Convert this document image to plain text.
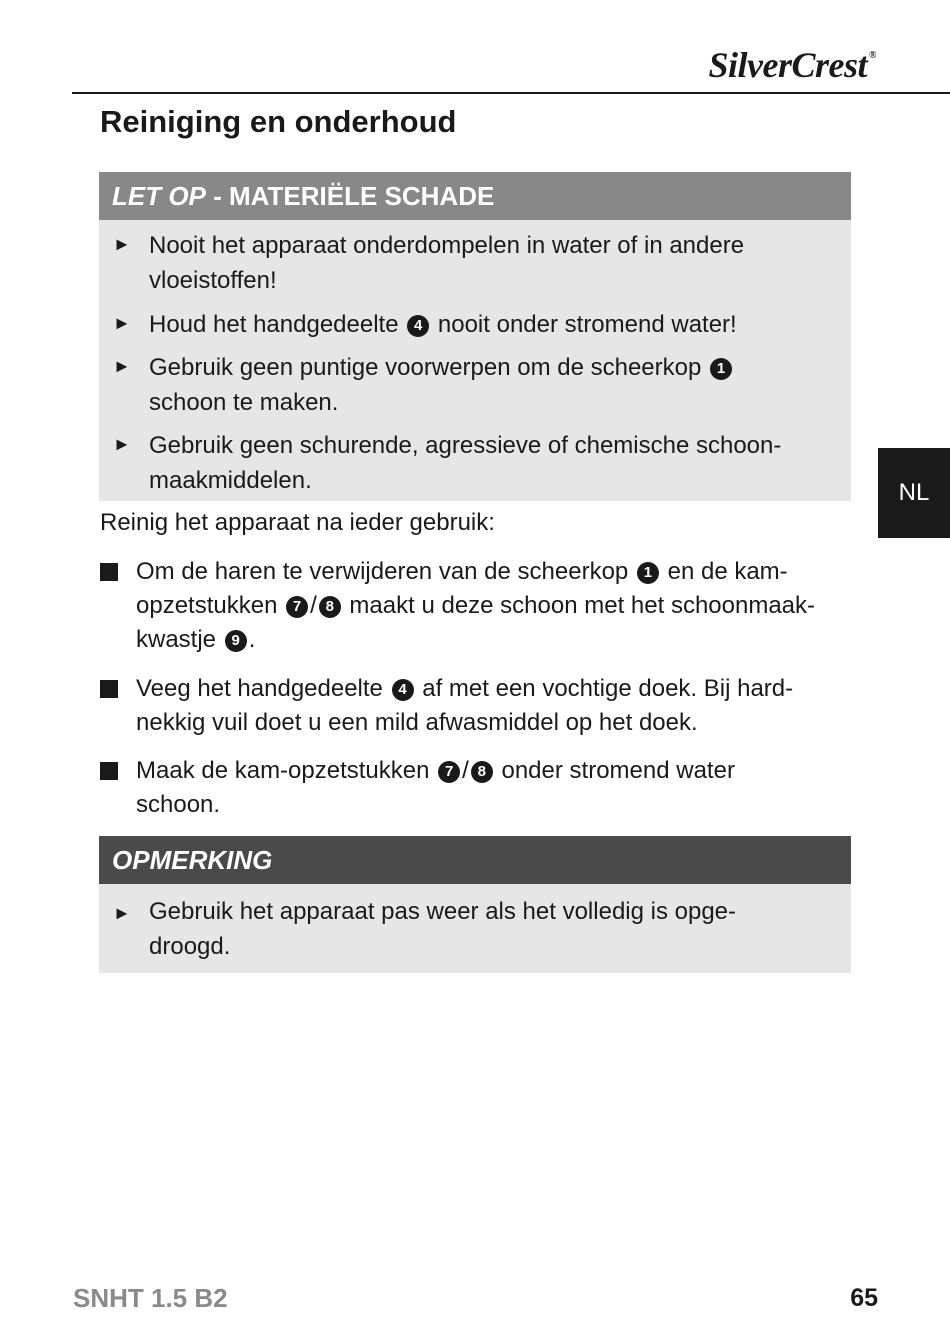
SilverCrest ®
Reiniging en onderhoud
LET OP - MATERIËLE SCHADE
► Nooit het apparaat onderdompelen in water of in andere
vloeistoffen!
► Houd het handgedeelte 4 nooit onder stromend water!
► Gebruik geen puntige voorwerpen om de scheerkop 1
schoon te maken.
► Gebruik geen schurende, agressieve of chemische schoon-
maakmiddelen.
Reinig het apparaat na ieder gebruik:
Om de haren te verwijderen van de scheerkop 1 en de kam-
opzetstukken 7 / 8 maakt u deze schoon met het schoonmaak-
kwastje 9 .
Veeg het handgedeelte 4 af met een vochtige doek. Bij hard-
nekkig vuil doet u een mild afwasmiddel op het doek.
Maak de kam-opzetstukken 7 / 8 onder stromend water
schoon.
OPMERKING
► Gebruik het apparaat pas weer als het volledig is opge-
droogd.
NL
SNHT 1.5 B2	65
